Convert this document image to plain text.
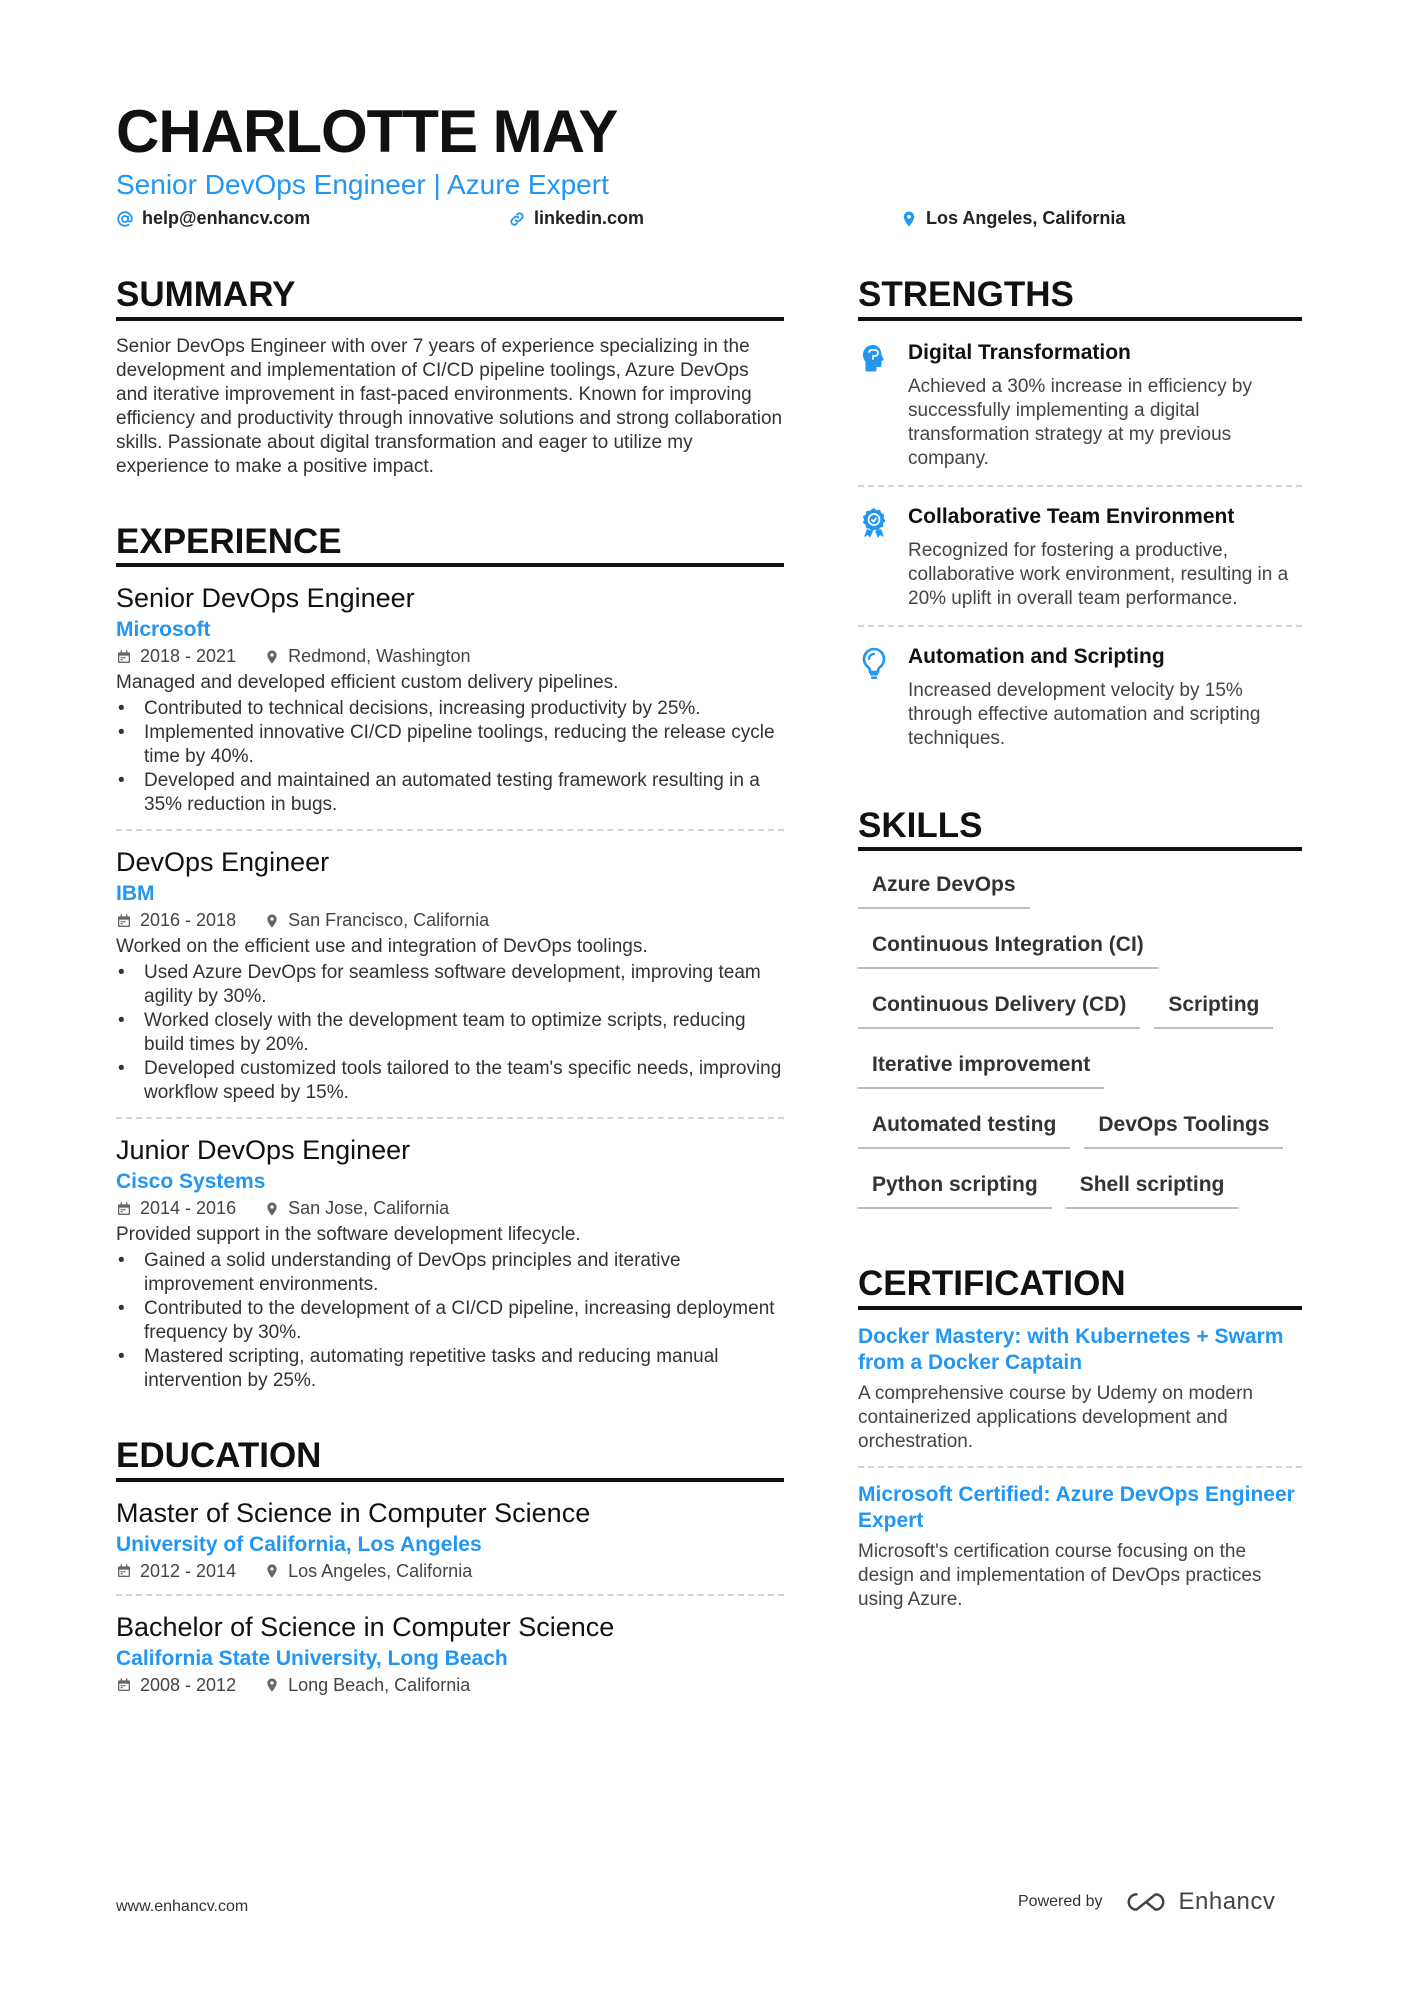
CHARLOTTE MAY
Senior DevOps Engineer | Azure Expert
help@enhancv.com	linkedin.com	Los Angeles, California
SUMMARY

Senior DevOps Engineer with over 7 years of experience specializing in the development and implementation of CI/CD pipeline toolings, Azure DevOps and iterative improvement in fast-paced environments. Known for improving efficiency and productivity through innovative solutions and strong collaboration skills. Passionate about digital transformation and eager to utilize my experience to make a positive impact.

EXPERIENCE
Senior DevOps Engineer
Microsoft
2018 - 2021	Redmond, Washington
Managed and developed efficient custom delivery pipelines.
• Contributed to technical decisions, increasing productivity by 25%.
• Implemented innovative CI/CD pipeline toolings, reducing the release cycle time by 40%.
• Developed and maintained an automated testing framework resulting in a 35% reduction in bugs.
DevOps Engineer
IBM
2016 - 2018	San Francisco, California
Worked on the efficient use and integration of DevOps toolings.
• Used Azure DevOps for seamless software development, improving team agility by 30%.
• Worked closely with the development team to optimize scripts, reducing build times by 20%.
• Developed customized tools tailored to the team's specific needs, improving workflow speed by 15%.
Junior DevOps Engineer
Cisco Systems
2014 - 2016	San Jose, California
Provided support in the software development lifecycle.
• Gained a solid understanding of DevOps principles and iterative improvement environments.
• Contributed to the development of a CI/CD pipeline, increasing deployment frequency by 30%.
• Mastered scripting, automating repetitive tasks and reducing manual intervention by 25%.
EDUCATION
Master of Science in Computer Science
University of California, Los Angeles
2012 - 2014	Los Angeles, California
Bachelor of Science in Computer Science
California State University, Long Beach
2008 - 2012	Long Beach, California
STRENGTHS
Digital Transformation

Achieved a 30% increase in efficiency by successfully implementing a digital transformation strategy at my previous company.

Collaborative Team Environment

Recognized for fostering a productive, collaborative work environment, resulting in a 20% uplift in overall team performance.

Automation and Scripting

Increased development velocity by 15% through effective automation and scripting techniques.

SKILLS
Azure DevOps
Continuous Integration (CI)
Continuous Delivery (CD)	Scripting
Iterative improvement
Automated testing	DevOps Toolings
Python scripting	Shell scripting
CERTIFICATION
Docker Mastery: with Kubernetes + Swarm from a Docker Captain

A comprehensive course by Udemy on modern containerized applications development and orchestration.

Microsoft Certified: Azure DevOps Engineer Expert

Microsoft's certification course focusing on the design and implementation of DevOps practices using Azure.

www.enhancv.com	Powered by	Enhancv
